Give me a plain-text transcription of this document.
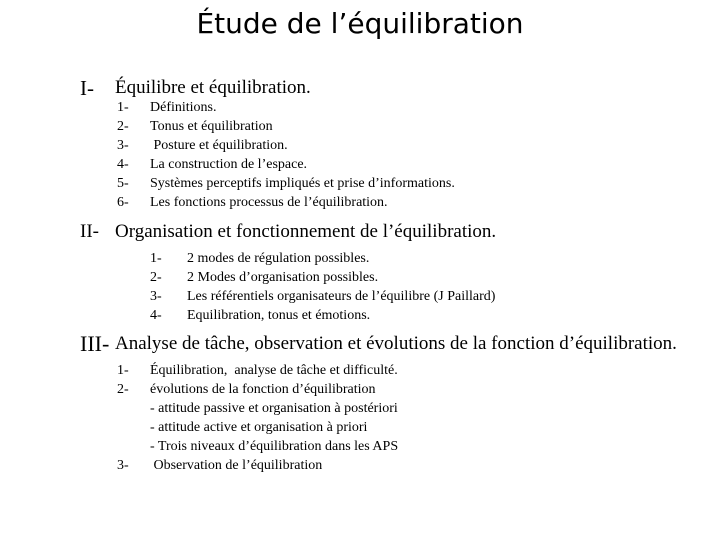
Étude de l’équilibration
I- Équilibre et équilibration.
1- Définitions.
2- Tonus et équilibration
3- Posture et équilibration.
4- La construction de l’espace.
5- Systèmes perceptifs impliqués et prise d’informations.
6- Les fonctions processus de l’équilibration.
II- Organisation et fonctionnement de l’équilibration.
1- 2 modes de régulation possibles.
2- 2 Modes d’organisation possibles.
3- Les référentiels organisateurs de l’équilibre (J Paillard)
4- Equilibration, tonus et émotions.
III- Analyse de tâche, observation et évolutions de la fonction d’équilibration.
1- Équilibration,  analyse de tâche et difficulté.
2- évolutions de la fonction d’équilibration
- attitude passive et organisation à postériori
- attitude active et organisation à priori
- Trois niveaux d’équilibration dans les APS
3- Observation de l’équilibration
